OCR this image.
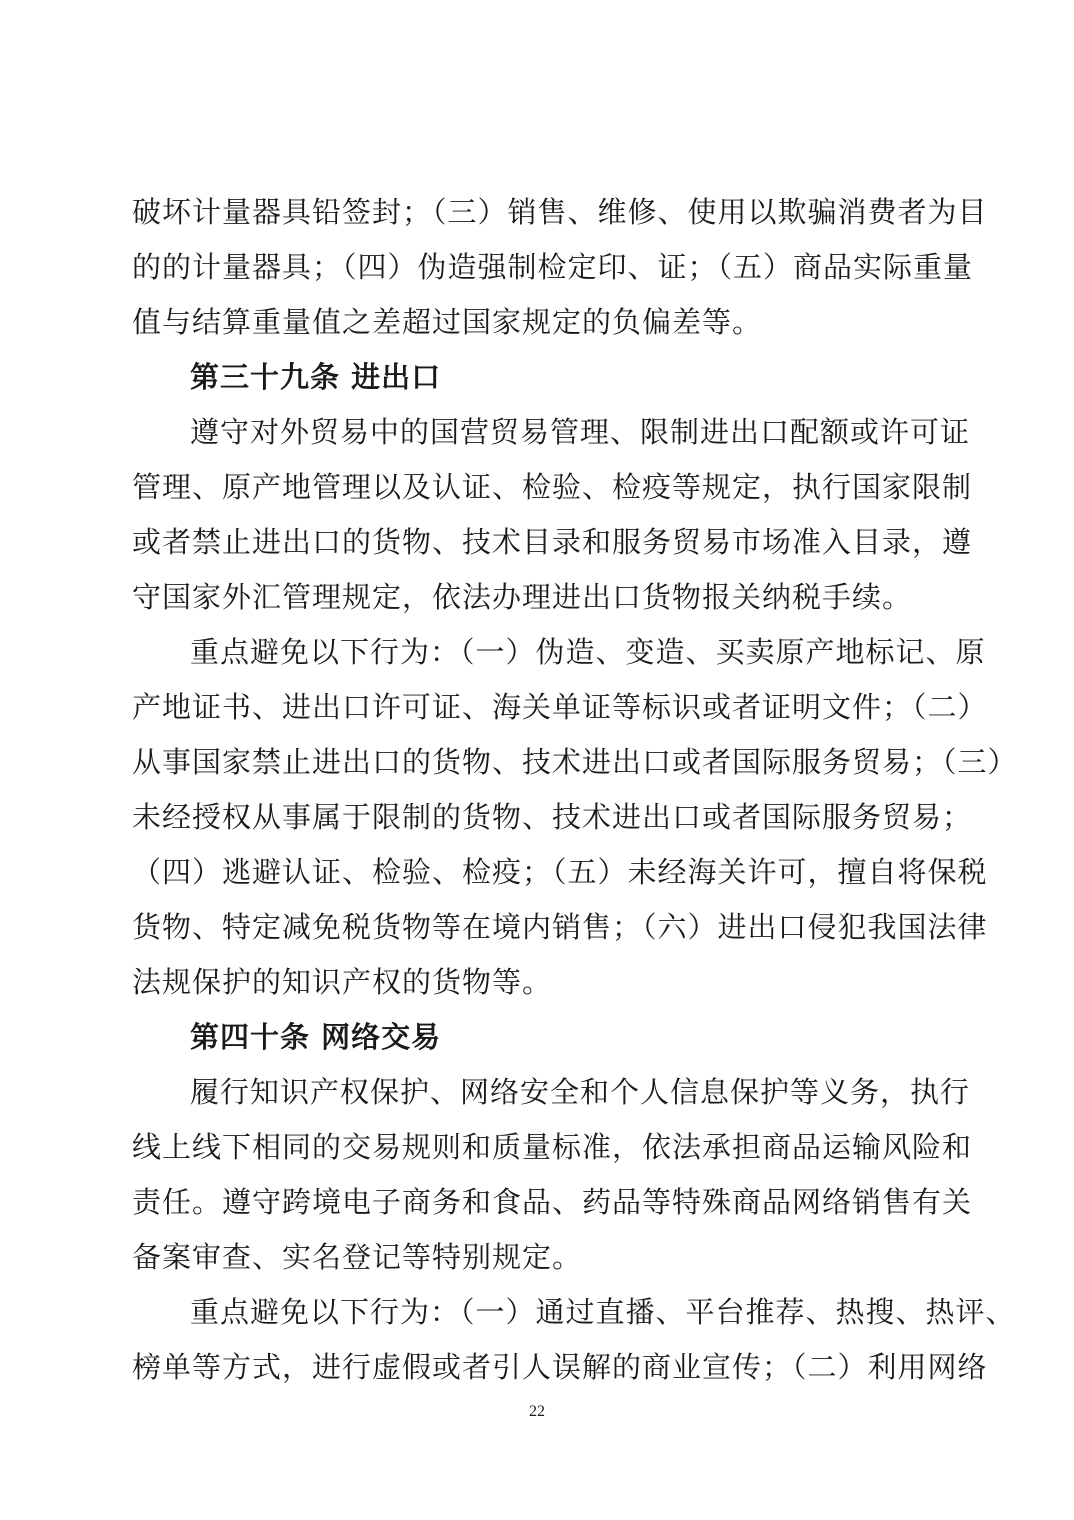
破坏计量器具铅签封；（三）销售、维修、使用以欺骗消费者为目
的的计量器具；（四）伪造强制检定印、证；（五）商品实际重量
值与结算重量值之差超过国家规定的负偏差等。
第三十九条 进出口
遵守对外贸易中的国营贸易管理、限制进出口配额或许可证
管理、原产地管理以及认证、检验、检疫等规定，执行国家限制
或者禁止进出口的货物、技术目录和服务贸易市场准入目录，遵
守国家外汇管理规定，依法办理进出口货物报关纳税手续。
重点避免以下行为：（一）伪造、变造、买卖原产地标记、原
产地证书、进出口许可证、海关单证等标识或者证明文件；（二）
从事国家禁止进出口的货物、技术进出口或者国际服务贸易；（三）
未经授权从事属于限制的货物、技术进出口或者国际服务贸易；
（四）逃避认证、检验、检疫；（五）未经海关许可，擅自将保税
货物、特定减免税货物等在境内销售；（六）进出口侵犯我国法律
法规保护的知识产权的货物等。
第四十条 网络交易
履行知识产权保护、网络安全和个人信息保护等义务，执行
线上线下相同的交易规则和质量标准，依法承担商品运输风险和
责任。遵守跨境电子商务和食品、药品等特殊商品网络销售有关
备案审查、实名登记等特别规定。
重点避免以下行为：（一）通过直播、平台推荐、热搜、热评、
榜单等方式，进行虚假或者引人误解的商业宣传；（二）利用网络
22
